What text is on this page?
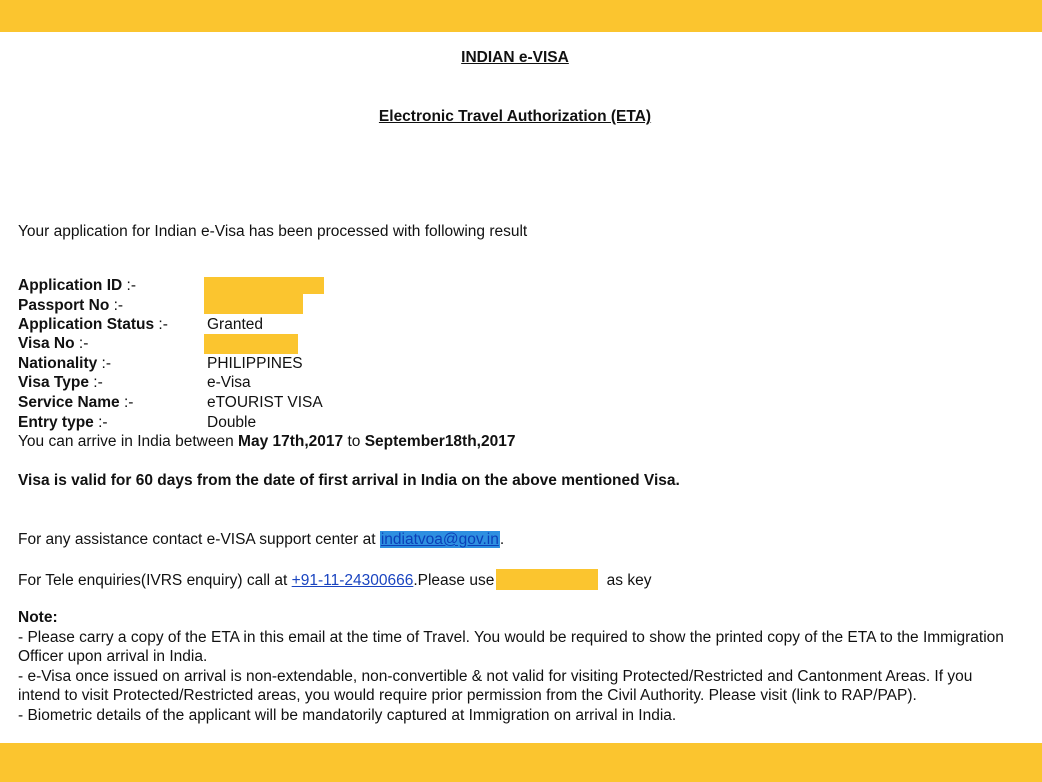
INDIAN e-VISA
Electronic Travel Authorization (ETA)
Your application for Indian e-Visa has been processed with following result
Application ID :-
Passport No :-
Application Status :-	Granted
Visa No :-
Nationality :-	PHILIPPINES
Visa Type :-	e-Visa
Service Name :-	eTOURIST VISA
Entry type :-	Double
You can arrive in India between May 17th,2017 to September18th,2017
Visa is valid for 60 days from the date of first arrival in India on the above mentioned Visa.
For any assistance contact e-VISA support center at indiatvoa@gov.in.
For Tele enquiries(IVRS enquiry) call at +91-11-24300666.Please use	as key

Note:

- Please carry a copy of the ETA in this email at the time of Travel. You would be required to show the printed copy of the ETA to the Immigration Officer upon arrival in India.

- e-Visa once issued on arrival is non-extendable, non-convertible & not valid for visiting Protected/Restricted and Cantonment Areas. If you intend to visit Protected/Restricted areas, you would require prior permission from the Civil Authority. Please visit (link to RAP/PAP).

- Biometric details of the applicant will be mandatorily captured at Immigration on arrival in India.
